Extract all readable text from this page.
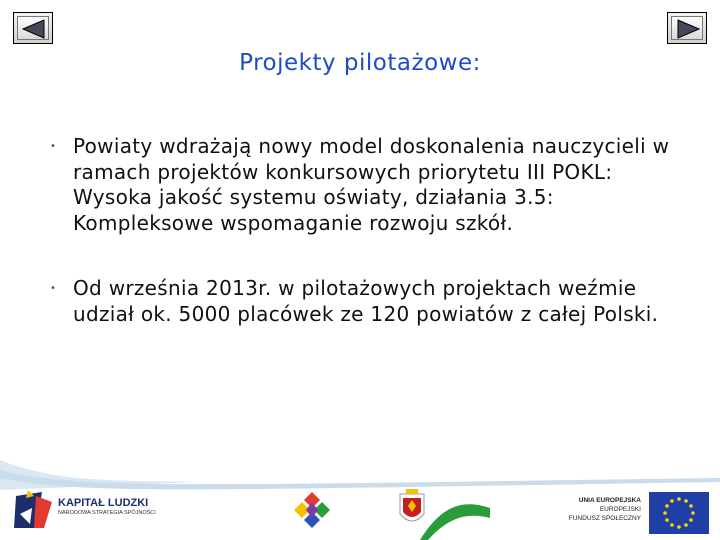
Projekty pilotażowe:
• Powiaty wdrażają nowy model doskonalenia nauczycieli w ramach projektów konkursowych priorytetu III POKL: Wysoka jakość systemu oświaty, działania 3.5: Kompleksowe wspomaganie rozwoju szkół.
• Od września 2013r. w pilotażowych projektach weźmie udział ok. 5000 placówek ze 120 powiatów z całej Polski.
KAPITAŁ LUDZKI
NARODOWA STRATEGIA SPÓJNOŚCI
UNIA EUROPEJSKA
EUROPEJSKI
FUNDUSZ SPOŁECZNY
